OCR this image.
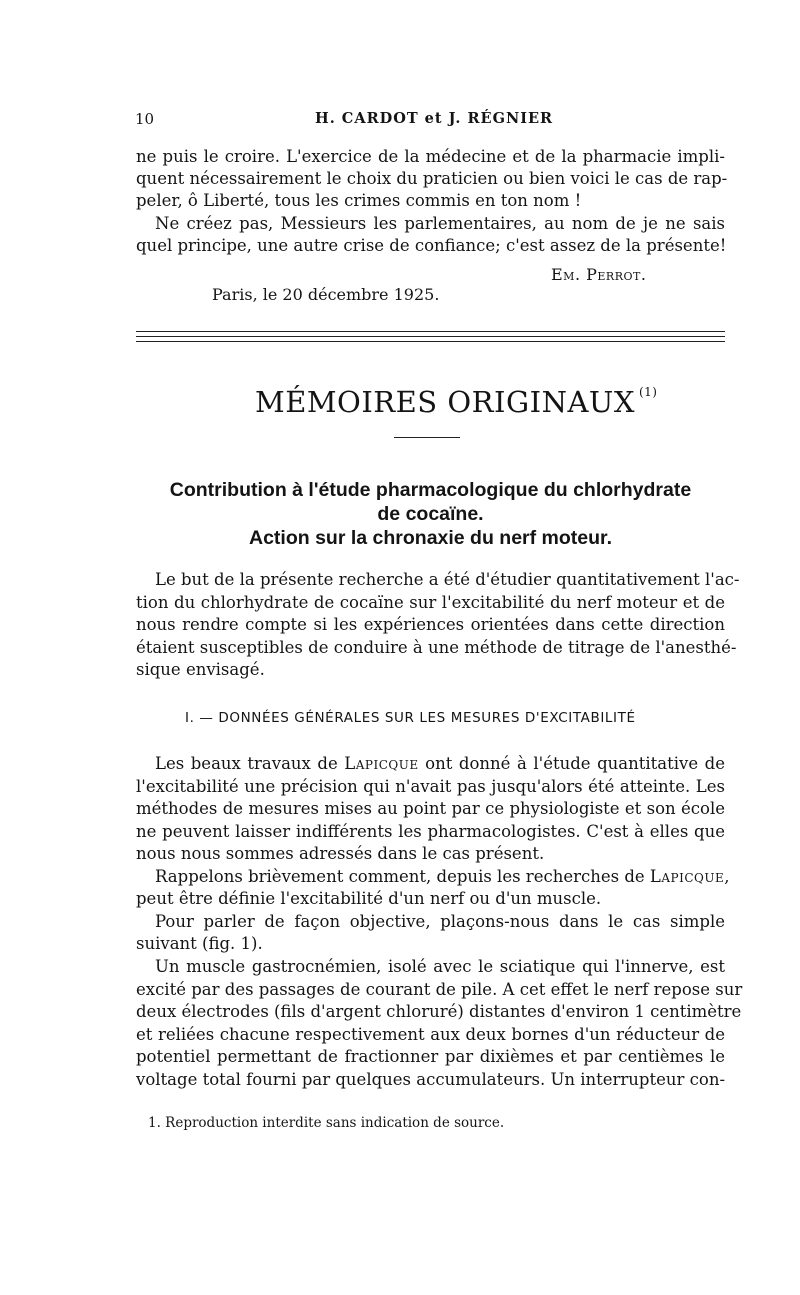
10	H. CARDOT et J. RÉGNIER
ne puis le croire. L'exercice de la médecine et de la pharmacie impli-
quent nécessairement le choix du praticien ou bien voici le cas de rap-
peler, ô Liberté, tous les crimes commis en ton nom !
Ne créez pas, Messieurs les parlementaires, au nom de je ne sais
quel principe, une autre crise de confiance; c'est assez de la présente!
Em. Perrot.
Paris, le 20 décembre 1925.
MÉMOIRES ORIGINAUX $^{(1)}$
Contribution à l'étude pharmacologique du chlorhydrate
de cocaïne.
Action sur la chronaxie du nerf moteur.
Le but de la présente recherche a été d'étudier quantitativement l'ac-
tion du chlorhydrate de cocaïne sur l'excitabilité du nerf moteur et de
nous rendre compte si les expériences orientées dans cette direction
étaient susceptibles de conduire à une méthode de titrage de l'anesthé-
sique envisagé.
I. — DONNÉES GÉNÉRALES SUR LES MESURES D'EXCITABILITÉ
Les beaux travaux de Lapicque ont donné à l'étude quantitative de
l'excitabilité une précision qui n'avait pas jusqu'alors été atteinte. Les
méthodes de mesures mises au point par ce physiologiste et son école
ne peuvent laisser indifférents les pharmacologistes. C'est à elles que
nous nous sommes adressés dans le cas présent.
Rappelons brièvement comment, depuis les recherches de Lapicque,
peut être définie l'excitabilité d'un nerf ou d'un muscle.
Pour parler de façon objective, plaçons-nous dans le cas simple
suivant (fig. 1).
Un muscle gastrocnémien, isolé avec le sciatique qui l'innerve, est
excité par des passages de courant de pile. A cet effet le nerf repose sur
deux électrodes (fils d'argent chloruré) distantes d'environ 1 centimètre
et reliées chacune respectivement aux deux bornes d'un réducteur de
potentiel permettant de fractionner par dixièmes et par centièmes le
voltage total fourni par quelques accumulateurs. Un interrupteur con-
1. Reproduction interdite sans indication de source.
